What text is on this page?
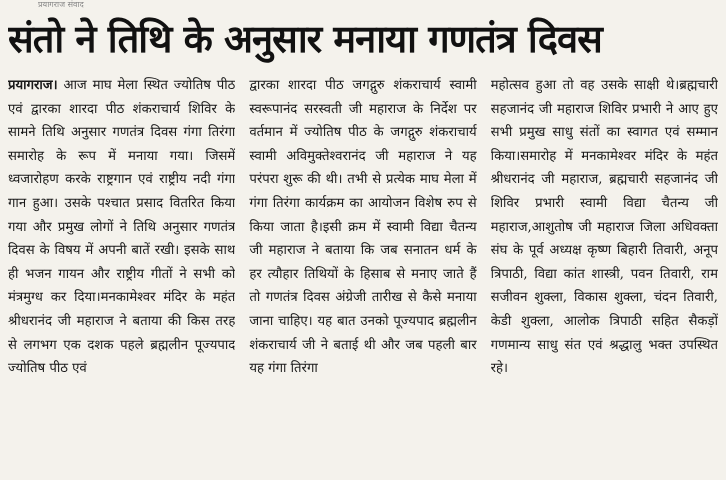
प्रयागराज संवाद
संतो ने तिथि के अनुसार मनाया गणतंत्र दिवस
प्रयागराज। आज माघ मेला स्थित ज्योतिष पीठ एवं द्वारका शारदा पीठ शंकराचार्य शिविर के सामने तिथि अनुसार गणतंत्र दिवस गंगा तिरंगा समारोह के रूप में मनाया गया। जिसमें ध्वजारोहण करके राष्ट्रगान एवं राष्ट्रीय नदी गंगा गान हुआ। उसके पश्चात प्रसाद वितरित किया गया और प्रमुख लोगों ने तिथि अनुसार गणतंत्र दिवस के विषय में अपनी बातें रखी। इसके साथ ही भजन गायन और राष्ट्रीय गीतों ने सभी को मंत्रमुग्ध कर दिया।मनकामेश्वर मंदिर के महंत श्रीधरानंद जी महाराज ने बताया की किस तरह से लगभग एक दशक पहले ब्रह्मलीन पूज्यपाद ज्योतिष पीठ एवं
द्वारका शारदा पीठ जगद्गुरु शंकराचार्य स्वामी स्वरूपानंद सरस्वती जी महाराज के निर्देश पर वर्तमान में ज्योतिष पीठ के जगद्गुरु शंकराचार्य स्वामी अविमुक्तेश्वरानंद जी महाराज ने यह परंपरा शुरू की थी। तभी से प्रत्येक माघ मेला में गंगा तिरंगा कार्यक्रम का आयोजन विशेष रुप से किया जाता है।इसी क्रम में स्वामी विद्या चैतन्य जी महाराज ने बताया कि जब सनातन धर्म के हर त्यौहार तिथियों के हिसाब से मनाए जाते हैं तो गणतंत्र दिवस अंग्रेजी तारीख से कैसे मनाया जाना चाहिए। यह बात उनको पूज्यपाद ब्रह्मलीन शंकराचार्य जी ने बताई थी और जब पहली बार यह गंगा तिरंगा
महोत्सव हुआ तो वह उसके साक्षी थे।ब्रह्मचारी सहजानंद जी महाराज शिविर प्रभारी ने आए हुए सभी प्रमुख साधु संतों का स्वागत एवं सम्मान किया।समारोह में मनकामेश्वर मंदिर के महंत श्रीधरानंद जी महाराज, ब्रह्मचारी सहजानंद जी शिविर प्रभारी स्वामी विद्या चैतन्य जी महाराज,आशुतोष जी महाराज जिला अधिवक्ता संघ के पूर्व अध्यक्ष कृष्ण बिहारी तिवारी, अनूप त्रिपाठी, विद्या कांत शास्त्री, पवन तिवारी, राम सजीवन शुक्ला, विकास शुक्ला, चंदन तिवारी, केडी शुक्ला, आलोक त्रिपाठी सहित सैकड़ों गणमान्य साधु संत एवं श्रद्धालु भक्त उपस्थित रहे।
